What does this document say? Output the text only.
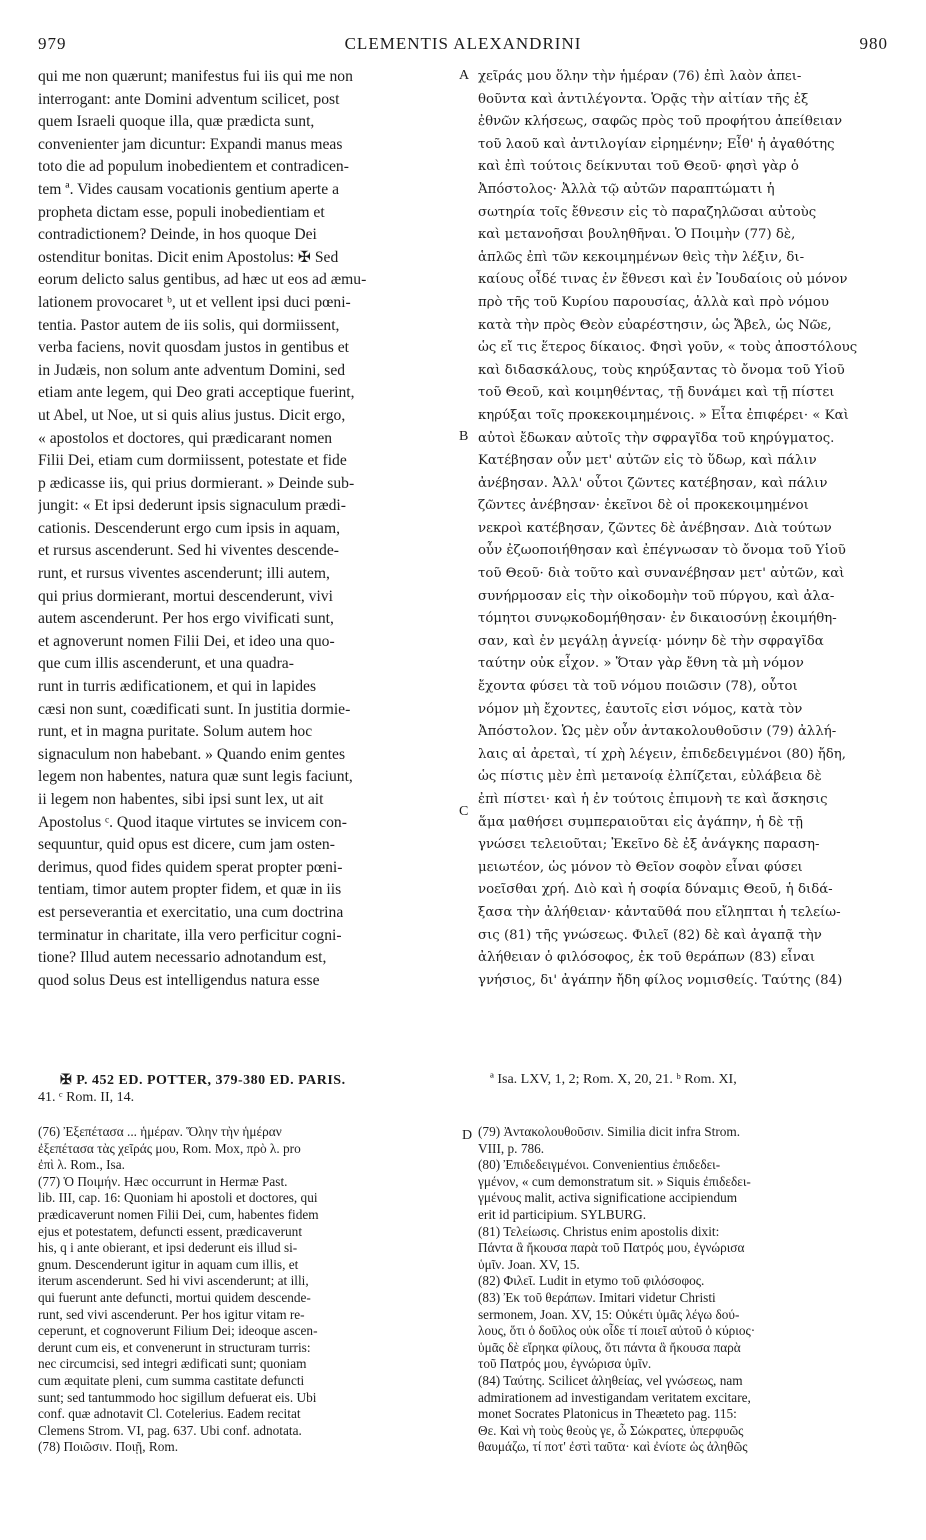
979	CLEMENTIS ALEXANDRINI	980
A
B
C
D
qui me non quærunt; manifestus fui iis qui me non
interrogant: ante Domini adventum scilicet, post
quem Israeli quoque illa, quæ prædicta sunt,
convenienter jam dicuntur: Expandi manus meas
toto die ad populum inobedientem et contradicen-
tem ª. Vides causam vocationis gentium aperte a
propheta dictam esse, populi inobedientiam et
contradictionem? Deinde, in hos quoque Dei
ostenditur bonitas. Dicit enim Apostolus: ✠ Sed
eorum delicto salus gentibus, ad hæc ut eos ad æmu-
lationem provocaret ᵇ, ut et vellent ipsi duci pœni-
tentia. Pastor autem de iis solis, qui dormiissent,
verba faciens, novit quosdam justos in gentibus et
in Judæis, non solum ante adventum Domini, sed
etiam ante legem, qui Deo grati acceptique fuerint,
ut Abel, ut Noe, ut si quis alius justus. Dicit ergo,
« apostolos et doctores, qui prædicarant nomen
Filii Dei, etiam cum dormiissent, potestate et fide
p ædicasse iis, qui prius dormierant. » Deinde sub-
jungit: « Et ipsi dederunt ipsis signaculum prædi-
cationis. Descenderunt ergo cum ipsis in aquam,
et rursus ascenderunt. Sed hi viventes descende-
runt, et rursus viventes ascenderunt; illi autem,
qui prius dormierant, mortui descenderunt, vivi
autem ascenderunt. Per hos ergo vivificati sunt,
et agnoverunt nomen Filii Dei, et ideo una quo-
que cum illis ascenderunt, et una quadra-
runt in turris ædificationem, et qui in lapides
cæsi non sunt, coædificati sunt. In justitia dormie-
runt, et in magna puritate. Solum autem hoc
signaculum non habebant. » Quando enim gentes
legem non habentes, natura quæ sunt legis faciunt,
ii legem non habentes, sibi ipsi sunt lex, ut ait
Apostolus ᶜ. Quod itaque virtutes se invicem con-
sequuntur, quid opus est dicere, cum jam osten-
derimus, quod fides quidem sperat propter pœni-
tentiam, timor autem propter fidem, et quæ in iis
est perseverantia et exercitatio, una cum doctrina
terminatur in charitate, illa vero perficitur cogni-
tione? Illud autem necessario adnotandum est,
quod solus Deus est intelligendus natura esse
χεῖράς μου ὅλην τὴν ἡμέραν (76) ἐπὶ λαὸν ἀπει-
θοῦντα καὶ ἀντιλέγοντα. Ὁρᾷς τὴν αἰτίαν τῆς ἐξ
ἐθνῶν κλήσεως, σαφῶς πρὸς τοῦ προφήτου ἀπείθειαν
τοῦ λαοῦ καὶ ἀντιλογίαν εἰρημένην; Εἶθ' ἡ ἀγαθότης
καὶ ἐπὶ τούτοις δείκνυται τοῦ Θεοῦ· φησὶ γὰρ ὁ
Ἀπόστολος· Ἀλλὰ τῷ αὐτῶν παραπτώματι ἡ
σωτηρία τοῖς ἔθνεσιν εἰς τὸ παραζηλῶσαι αὐτοὺς
καὶ μετανοῆσαι βουληθῆναι. Ὁ Ποιμὴν (77) δὲ,
ἁπλῶς ἐπὶ τῶν κεκοιμημένων θεὶς τὴν λέξιν, δι-
καίους οἶδέ τινας ἐν ἔθνεσι καὶ ἐν Ἰουδαίοις οὐ μόνον
πρὸ τῆς τοῦ Κυρίου παρουσίας, ἀλλὰ καὶ πρὸ νόμου
κατὰ τὴν πρὸς Θεὸν εὐαρέστησιν, ὡς Ἄβελ, ὡς Νῶε,
ὡς εἴ τις ἕτερος δίκαιος. Φησὶ γοῦν, « τοὺς ἀποστόλους
καὶ διδασκάλους, τοὺς κηρύξαντας τὸ ὄνομα τοῦ Υἱοῦ
τοῦ Θεοῦ, καὶ κοιμηθέντας, τῇ δυνάμει καὶ τῇ πίστει
κηρύξαι τοῖς προκεκοιμημένοις. » Εἶτα ἐπιφέρει· « Καὶ
αὐτοὶ ἔδωκαν αὐτοῖς τὴν σφραγῖδα τοῦ κηρύγματος.
Κατέβησαν οὖν μετ' αὐτῶν εἰς τὸ ὕδωρ, καὶ πάλιν
ἀνέβησαν. Ἀλλ' οὗτοι ζῶντες κατέβησαν, καὶ πάλιν
ζῶντες ἀνέβησαν· ἐκεῖνοι δὲ οἱ προκεκοιμημένοι
νεκροὶ κατέβησαν, ζῶντες δὲ ἀνέβησαν. Διὰ τούτων
οὖν ἐζωοποιήθησαν καὶ ἐπέγνωσαν τὸ ὄνομα τοῦ Υἱοῦ
τοῦ Θεοῦ· διὰ τοῦτο καὶ συνανέβησαν μετ' αὐτῶν, καὶ
συνήρμοσαν εἰς τὴν οἰκοδομὴν τοῦ πύργου, καὶ ἀλα-
τόμητοι συνῳκοδομήθησαν· ἐν δικαιοσύνῃ ἐκοιμήθη-
σαν, καὶ ἐν μεγάλῃ ἁγνείᾳ· μόνην δὲ τὴν σφραγῖδα
ταύτην οὐκ εἶχον. » Ὅταν γὰρ ἔθνη τὰ μὴ νόμον
ἔχοντα φύσει τὰ τοῦ νόμου ποιῶσιν (78), οὗτοι
νόμον μὴ ἔχοντες, ἑαυτοῖς εἰσι νόμος, κατὰ τὸν
Ἀπόστολον. Ὡς μὲν οὖν ἀντακολουθοῦσιν (79) ἀλλή-
λαις αἱ ἀρεταὶ, τί χρὴ λέγειν, ἐπιδεδειγμένοι (80) ἤδη,
ὡς πίστις μὲν ἐπὶ μετανοίᾳ ἐλπίζεται, εὐλάβεια δὲ
ἐπὶ πίστει· καὶ ἡ ἐν τούτοις ἐπιμονὴ τε καὶ ἄσκησις
ἅμα μαθήσει συμπεραιοῦται εἰς ἀγάπην, ἡ δὲ τῇ
γνώσει τελειοῦται; Ἐκεῖνο δὲ ἐξ ἀνάγκης παραση-
μειωτέον, ὡς μόνον τὸ Θεῖον σοφὸν εἶναι φύσει
νοεῖσθαι χρή. Διὸ καὶ ἡ σοφία δύναμις Θεοῦ, ἡ διδά-
ξασα τὴν ἀλήθειαν· κἀνταῦθά που εἴληπται ἡ τελείω-
σις (81) τῆς γνώσεως. Φιλεῖ (82) δὲ καὶ ἀγαπᾷ τὴν
ἀλήθειαν ὁ φιλόσοφος, ἐκ τοῦ θεράπων (83) εἶναι
γνήσιος, δι' ἀγάπην ἤδη φίλος νομισθείς. Ταύτης (84)
✠ P. 452 ED. POTTER, 379-380 ED. PARIS.
41. ᶜ Rom. II, 14.
ª Isa. LXV, 1, 2; Rom. X, 20, 21. ᵇ Rom. XI,
(76) Ἐξεπέτασα ... ἡμέραν. Ὅλην τὴν ἡμέραν
ἐξεπέτασα τὰς χεῖράς μου, Rom. Mox, πρὸ λ. pro
ἐπὶ λ. Rom., Isa.
(77) Ὁ Ποιμήν. Hæc occurrunt in Hermæ Past.
lib. III, cap. 16: Quoniam hi apostoli et doctores, qui
prædicaverunt nomen Filii Dei, cum, habentes fidem
ejus et potestatem, defuncti essent, prædicaverunt
his, q i ante obierant, et ipsi dederunt eis illud si-
gnum. Descenderunt igitur in aquam cum illis, et
iterum ascenderunt. Sed hi vivi ascenderunt; at illi,
qui fuerunt ante defuncti, mortui quidem descende-
runt, sed vivi ascenderunt. Per hos igitur vitam re-
ceperunt, et cognoverunt Filium Dei; ideoque ascen-
derunt cum eis, et convenerunt in structuram turris:
nec circumcisi, sed integri ædificati sunt; quoniam
cum æquitate pleni, cum summa castitate defuncti
sunt; sed tantummodo hoc sigillum defuerat eis. Ubi
conf. quæ adnotavit Cl. Cotelerius. Eadem recitat
Clemens Strom. VI, pag. 637. Ubi conf. adnotata.
(78) Ποιῶσιν. Ποιῇ, Rom.
(79) Ἀντακολουθοῦσιν. Similia dicit infra Strom.
VIII, p. 786.
(80) Ἐπιδεδειγμένοι. Convenientius ἐπιδεδει-
γμένον, « cum demonstratum sit. » Siquis ἐπιδεδει-
γμένους malit, activa significatione accipiendum
erit id participium. SYLBURG.
(81) Τελείωσις. Christus enim apostolis dixit:
Πάντα ἃ ἤκουσα παρὰ τοῦ Πατρός μου, ἐγνώρισα
ὑμῖν. Joan. XV, 15.
(82) Φιλεῖ. Ludit in etymo τοῦ φιλόσοφος.
(83) Ἐκ τοῦ θεράπων. Imitari videtur Christi
sermonem, Joan. XV, 15: Οὐκέτι ὑμᾶς λέγω δού-
λους, ὅτι ὁ δοῦλος οὐκ οἶδε τί ποιεῖ αὐτοῦ ὁ κύριος·
ὑμᾶς δὲ εἴρηκα φίλους, ὅτι πάντα ἃ ἤκουσα παρὰ
τοῦ Πατρός μου, ἐγνώρισα ὑμῖν.
(84) Ταύτης. Scilicet ἀληθείας, vel γνώσεως, nam
admirationem ad investigandam veritatem excitare,
monet Socrates Platonicus in Theæteto pag. 115:
Θε. Καὶ νὴ τοὺς θεοὺς γε, ὦ Σώκρατες, ὑπερφυῶς
θαυμάζω, τί ποτ' ἐστὶ ταῦτα· καὶ ἐνίοτε ὡς ἀληθῶς
